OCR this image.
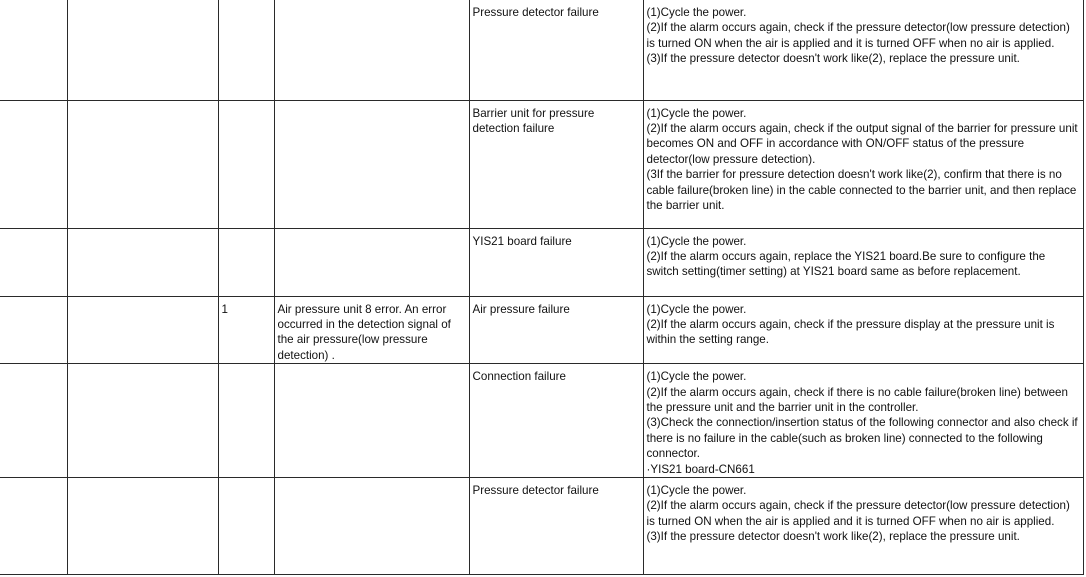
				Pressure detector failure	(1)Cycle the power.
(2)If the alarm occurs again, check if the pressure detector(low pressure detection) is turned ON when the air is applied and it is turned OFF when no air is applied.
(3)If the pressure detector doesn't work like(2), replace the pressure unit.

				Barrier unit for pressure detection failure	(1)Cycle the power.
(2)If the alarm occurs again, check if the output signal of the barrier for pressure unit becomes ON and OFF in accordance with ON/OFF status of the pressure detector(low pressure detection).
(3If the barrier for pressure detection doesn't work like(2), confirm that there is no cable failure(broken line) in the cable connected to the barrier unit, and then replace the barrier unit.

				YIS21 board failure	(1)Cycle the power.
(2)If the alarm occurs again, replace the YIS21 board.Be sure to configure the switch setting(timer setting) at YIS21 board same as before replacement.

		1	Air pressure unit 8 error. An error occurred in the detection signal of the air pressure(low pressure detection) .	Air pressure failure	(1)Cycle the power.
(2)If the alarm occurs again, check if the pressure display at the pressure unit is within the setting range.

				Connection failure	(1)Cycle the power.
(2)If the alarm occurs again, check if there is no cable failure(broken line) between the pressure unit and the barrier unit in the controller.
(3)Check the connection/insertion status of the following connector and also check if there is no failure in the cable(such as broken line) connected to the following connector.
·YIS21 board-CN661

				Pressure detector failure	(1)Cycle the power.
(2)If the alarm occurs again, check if the pressure detector(low pressure detection) is turned ON when the air is applied and it is turned OFF when no air is applied.
(3)If the pressure detector doesn't work like(2), replace the pressure unit.
